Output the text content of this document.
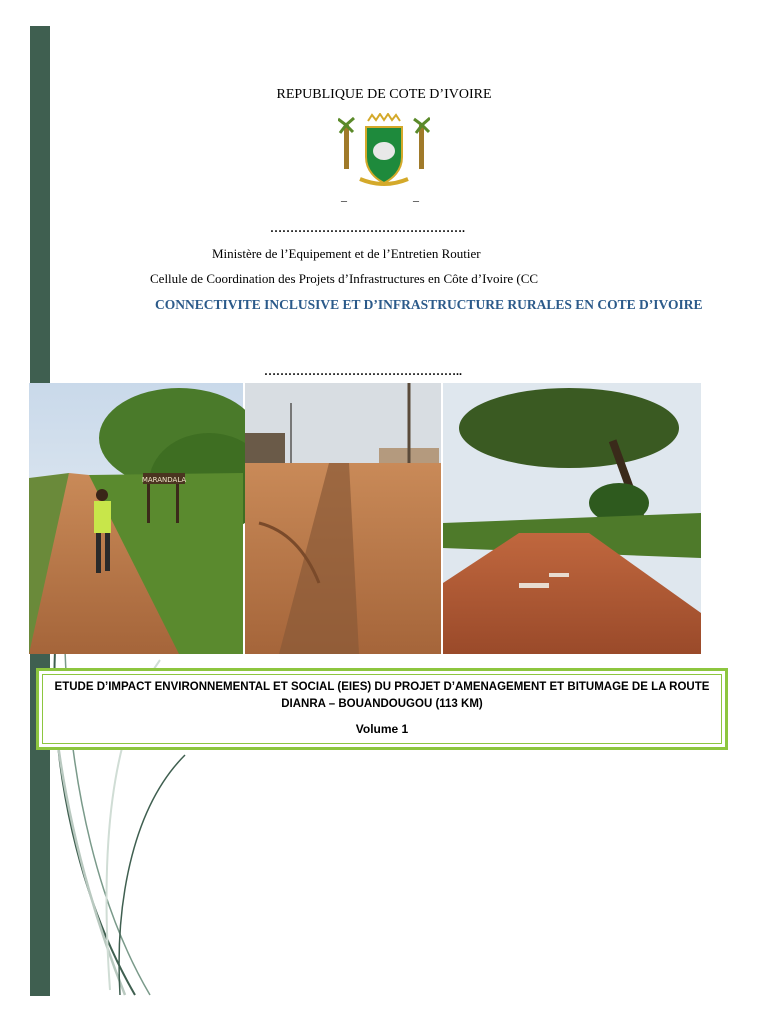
REPUBLIQUE DE COTE D’IVOIRE
–	–
………………………………………….
Ministère de l’Equipement et de l’Entretien Routier
Cellule de Coordination des Projets d’Infrastructures en Côte d’Ivoire (CC
CONNECTIVITE INCLUSIVE ET D’INFRASTRUCTURE RURALES EN COTE D’IVOIRE
…………………………………………..
MARANDALA
ETUDE D’IMPACT ENVIRONNEMENTAL ET SOCIAL (EIES) DU PROJET D’AMENAGEMENT ET BITUMAGE DE LA ROUTE DIANRA – BOUANDOUGOU (113 KM)
Volume 1
